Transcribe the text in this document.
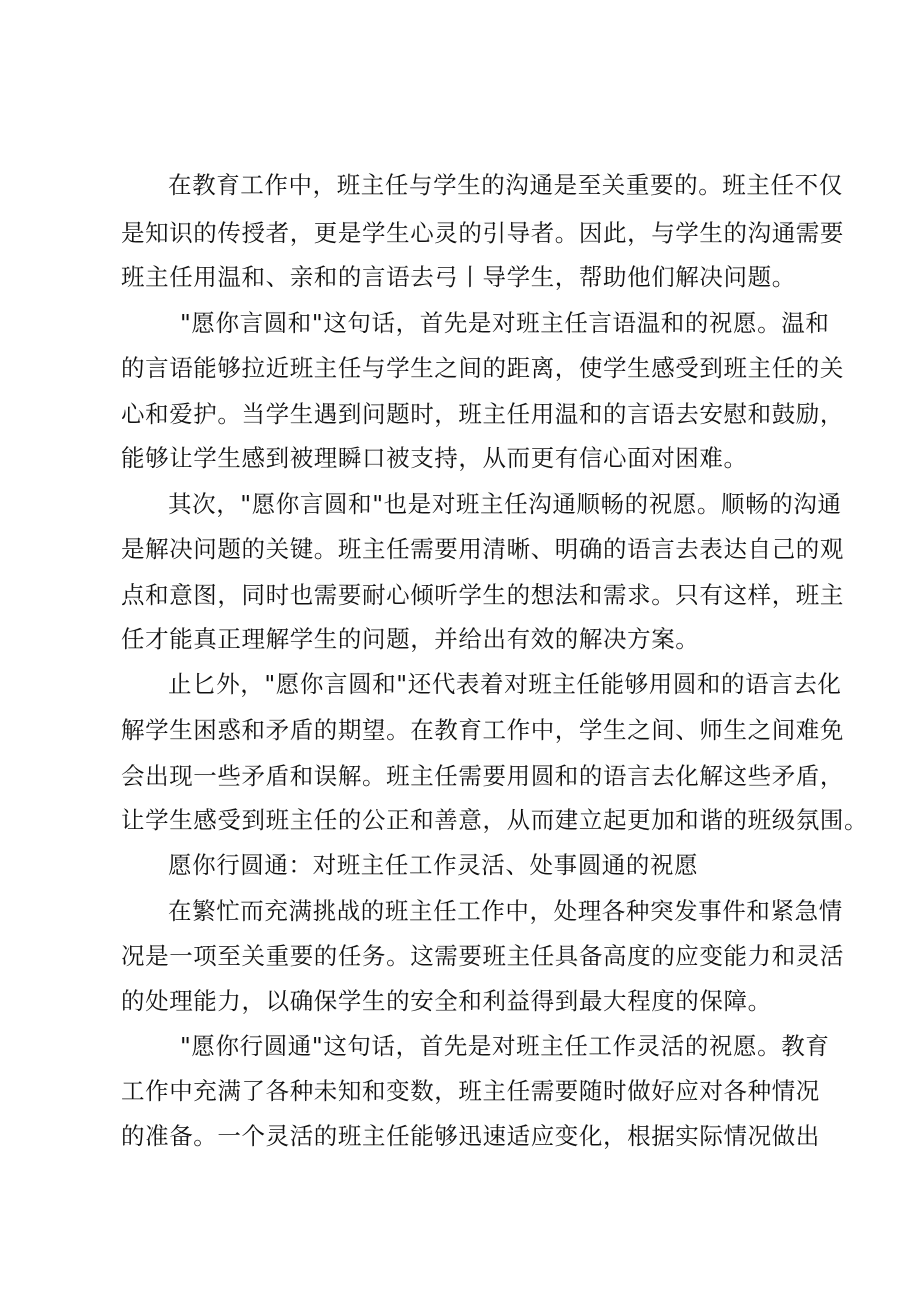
在教育工作中，班主任与学生的沟通是至关重要的。班主任不仅
是知识的传授者，更是学生心灵的引导者。因此，与学生的沟通需要
班主任用温和、亲和的言语去弓丨导学生，帮助他们解决问题。
"愿你言圆和"这句话，首先是对班主任言语温和的祝愿。温和
的言语能够拉近班主任与学生之间的距离，使学生感受到班主任的关
心和爱护。当学生遇到问题时，班主任用温和的言语去安慰和鼓励，
能够让学生感到被理瞬口被支持，从而更有信心面对困难。
其次，"愿你言圆和"也是对班主任沟通顺畅的祝愿。顺畅的沟通
是解决问题的关键。班主任需要用清晰、明确的语言去表达自己的观
点和意图，同时也需要耐心倾听学生的想法和需求。只有这样，班主
任才能真正理解学生的问题，并给出有效的解决方案。
止匕外，"愿你言圆和"还代表着对班主任能够用圆和的语言去化
解学生困惑和矛盾的期望。在教育工作中，学生之间、师生之间难免
会出现一些矛盾和误解。班主任需要用圆和的语言去化解这些矛盾，
让学生感受到班主任的公正和善意，从而建立起更加和谐的班级氛围。
愿你行圆通：对班主任工作灵活、处事圆通的祝愿
在繁忙而充满挑战的班主任工作中，处理各种突发事件和紧急情
况是一项至关重要的任务。这需要班主任具备高度的应变能力和灵活
的处理能力，以确保学生的安全和利益得到最大程度的保障。
"愿你行圆通"这句话，首先是对班主任工作灵活的祝愿。教育
工作中充满了各种未知和变数，班主任需要随时做好应对各种情况
的准备。一个灵活的班主任能够迅速适应变化，根据实际情况做出
